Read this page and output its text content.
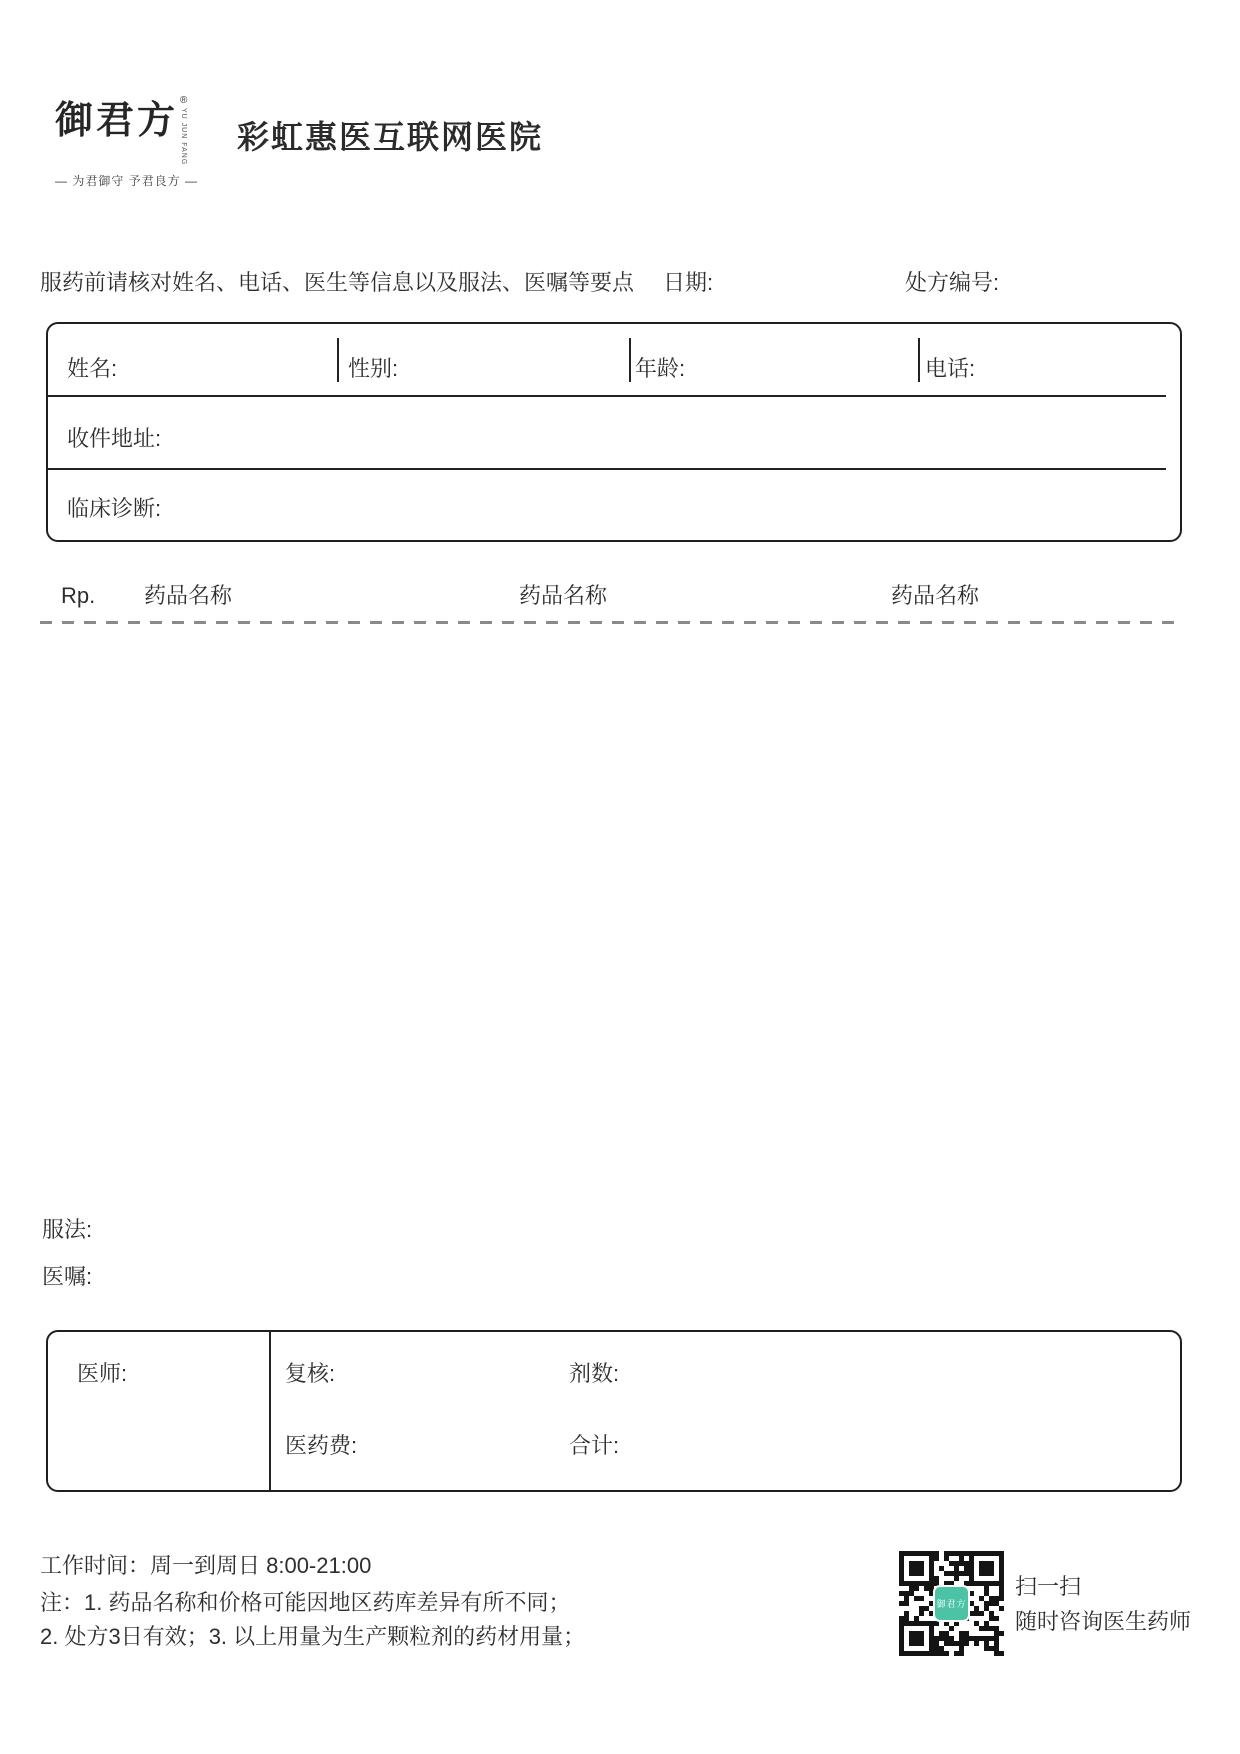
御君方 ®
YU JUN FANG
— 为君御守 予君良方 —
彩虹惠医互联网医院
服药前请核对姓名、电话、医生等信息以及服法、医嘱等要点 日期:	处方编号:
姓名:	性别:	年龄:	电话:
收件地址:
临床诊断:
Rp. 药品名称	药品名称	药品名称
服法:
医嘱:
医师:	复核:	剂数:
医药费:	合计:
工作时间：周一到周日 8:00-21:00
注：1. 药品名称和价格可能因地区药库差异有所不同；
2. 处方3日有效；3. 以上用量为生产颗粒剂的药材用量；
御君方
扫一扫
随时咨询医生药师
